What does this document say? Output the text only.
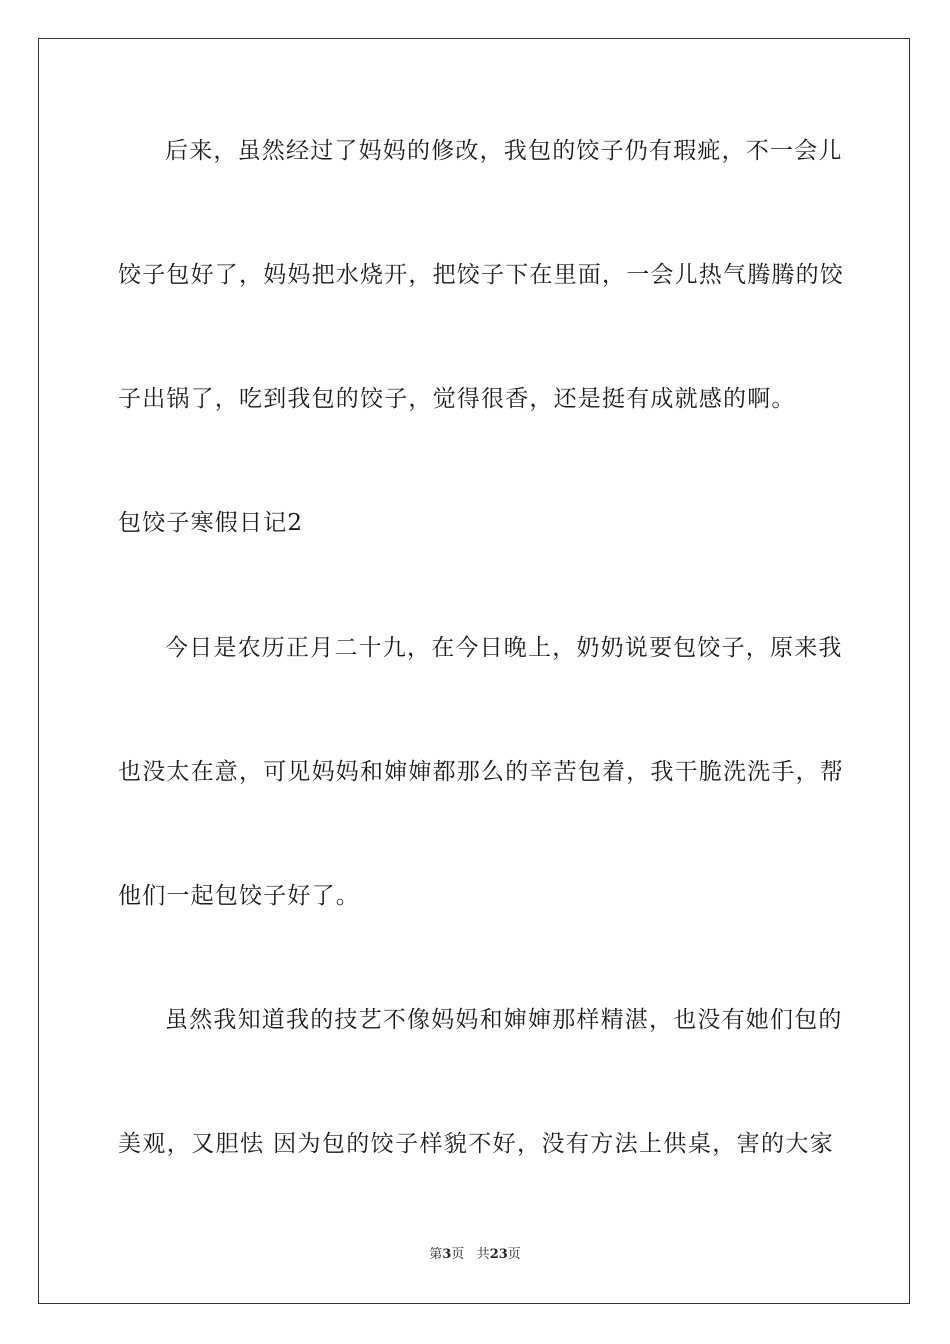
后来，虽然经过了妈妈的修改，我包的饺子仍有瑕疵，不一会儿
饺子包好了，妈妈把水烧开，把饺子下在里面，一会儿热气腾腾的饺
子出锅了，吃到我包的饺子，觉得很香，还是挺有成就感的啊。
包饺子寒假日记2
今日是农历正月二十九，在今日晚上，奶奶说要包饺子，原来我
也没太在意，可见妈妈和婶婶都那么的辛苦包着，我干脆洗洗手，帮
他们一起包饺子好了。
虽然我知道我的技艺不像妈妈和婶婶那样精湛，也没有她们包的
美观，又胆怯 因为包的饺子样貌不好，没有方法上供桌，害的大家
第3页 共23页
